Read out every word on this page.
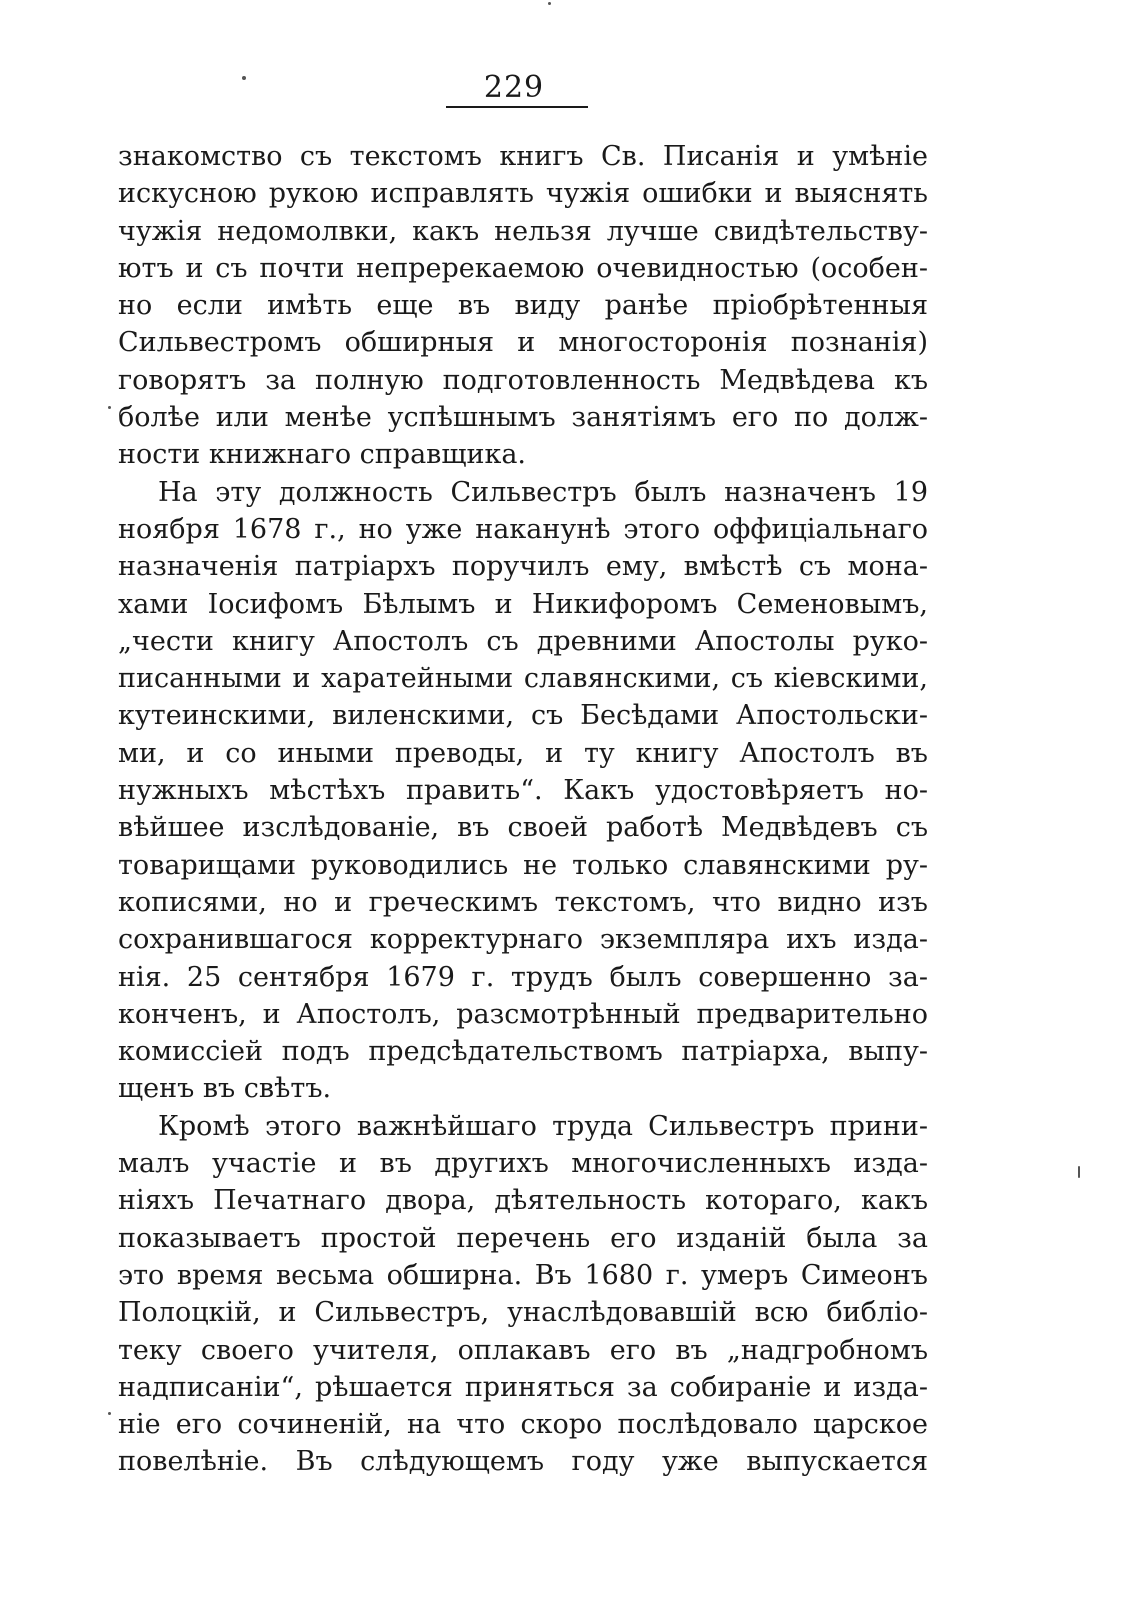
229
знакомство съ текстомъ книгъ Св. Писанія и умѣніе
искусною рукою исправлять чужія ошибки и выяснять
чужія недомолвки, какъ нельзя лучше свидѣтельству-
ютъ и съ почти непререкаемою очевидностью (особен-
но если имѣть еще въ виду ранѣе пріобрѣтенныя
Сильвестромъ обширныя и многосторонія познанія)
говорятъ за полную подготовленность Медвѣдева къ
болѣе или менѣе успѣшнымъ занятіямъ его по долж-
ности книжнаго справщика.
На эту должность Сильвестръ былъ назначенъ 19
ноября 1678 г., но уже наканунѣ этого оффиціальнаго
назначенія патріархъ поручилъ ему, вмѣстѣ съ мона-
хами Іосифомъ Бѣлымъ и Никифоромъ Семеновымъ,
„чести книгу Апостолъ съ древними Апостолы руко-
писанными и харатейными славянскими, съ кіевскими,
кутеинскими, виленскими, съ Бесѣдами Апостольски-
ми, и со иными преводы, и ту книгу Апостолъ въ
нужныхъ мѣстѣхъ править“. Какъ удостовѣряетъ но-
вѣйшее изслѣдованіе, въ своей работѣ Медвѣдевъ съ
товарищами руководились не только славянскими ру-
кописями, но и греческимъ текстомъ, что видно изъ
сохранившагося корректурнаго экземпляра ихъ изда-
нія. 25 сентября 1679 г. трудъ былъ совершенно за-
конченъ, и Апостолъ, разсмотрѣнный предварительно
комиссіей подъ предсѣдательствомъ патріарха, выпу-
щенъ въ свѣтъ.
Кромѣ этого важнѣйшаго труда Сильвестръ прини-
малъ участіе и въ другихъ многочисленныхъ изда-
ніяхъ Печатнаго двора, дѣятельность котораго, какъ
показываетъ простой перечень его изданій была за
это время весьма обширна. Въ 1680 г. умеръ Симеонъ
Полоцкій, и Сильвестръ, унаслѣдовавшій всю библіо-
теку своего учителя, оплакавъ его въ „надгробномъ
надписаніи“, рѣшается приняться за собираніе и изда-
ніе его сочиненій, на что скоро послѣдовало царское
повелѣніе. Въ слѣдующемъ году уже выпускается
